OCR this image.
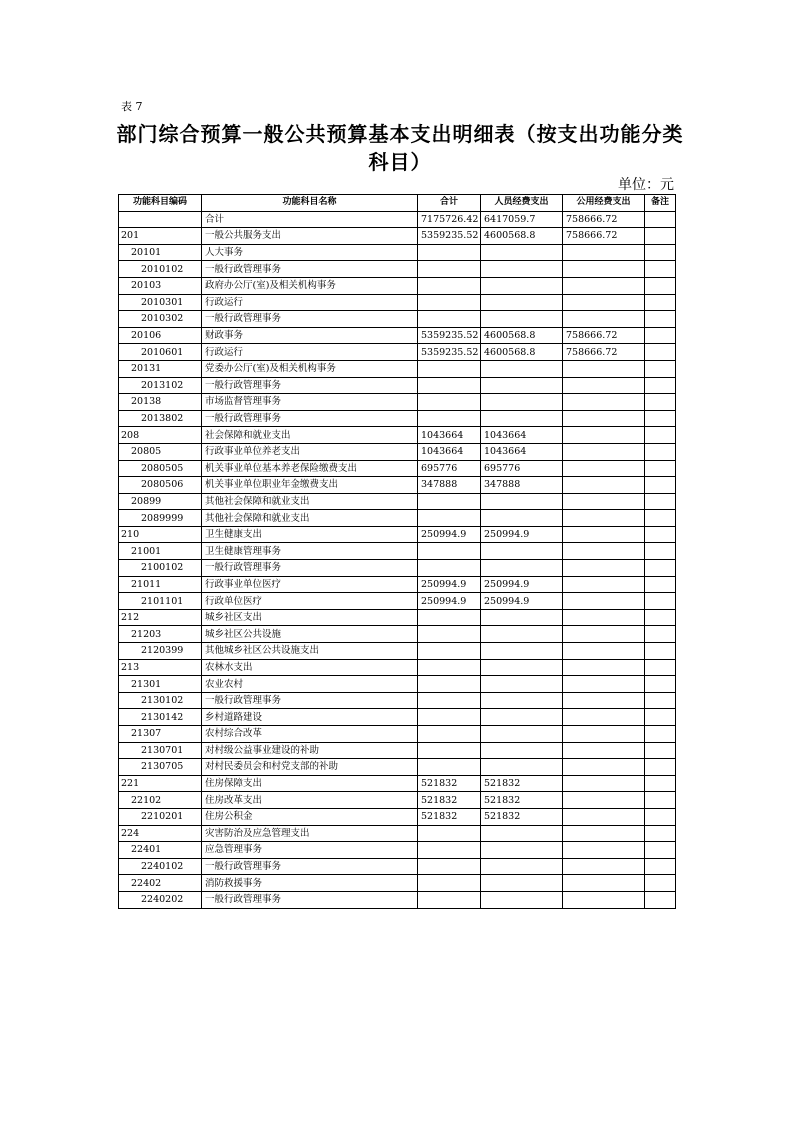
表 7
部门综合预算一般公共预算基本支出明细表（按支出功能分类科目）
单位：元
功能科目编码	功能科目名称	合计	人员经费支出	公用经费支出	备注
	合计	7175726.42	6417059.7	758666.72	
201	一般公共服务支出	5359235.52	4600568.8	758666.72	
20101	人大事务				
2010102	一般行政管理事务				
20103	政府办公厅(室)及相关机构事务				
2010301	行政运行				
2010302	一般行政管理事务				
20106	财政事务	5359235.52	4600568.8	758666.72	
2010601	行政运行	5359235.52	4600568.8	758666.72	
20131	党委办公厅(室)及相关机构事务				
2013102	一般行政管理事务				
20138	市场监督管理事务				
2013802	一般行政管理事务				
208	社会保障和就业支出	1043664	1043664		
20805	行政事业单位养老支出	1043664	1043664		
2080505	机关事业单位基本养老保险缴费支出	695776	695776		
2080506	机关事业单位职业年金缴费支出	347888	347888		
20899	其他社会保障和就业支出				
2089999	其他社会保障和就业支出				
210	卫生健康支出	250994.9	250994.9		
21001	卫生健康管理事务				
2100102	一般行政管理事务				
21011	行政事业单位医疗	250994.9	250994.9		
2101101	行政单位医疗	250994.9	250994.9		
212	城乡社区支出				
21203	城乡社区公共设施				
2120399	其他城乡社区公共设施支出				
213	农林水支出				
21301	农业农村				
2130102	一般行政管理事务				
2130142	乡村道路建设				
21307	农村综合改革				
2130701	对村级公益事业建设的补助				
2130705	对村民委员会和村党支部的补助				
221	住房保障支出	521832	521832		
22102	住房改革支出	521832	521832		
2210201	住房公积金	521832	521832		
224	灾害防治及应急管理支出				
22401	应急管理事务				
2240102	一般行政管理事务				
22402	消防救援事务				
2240202	一般行政管理事务				
